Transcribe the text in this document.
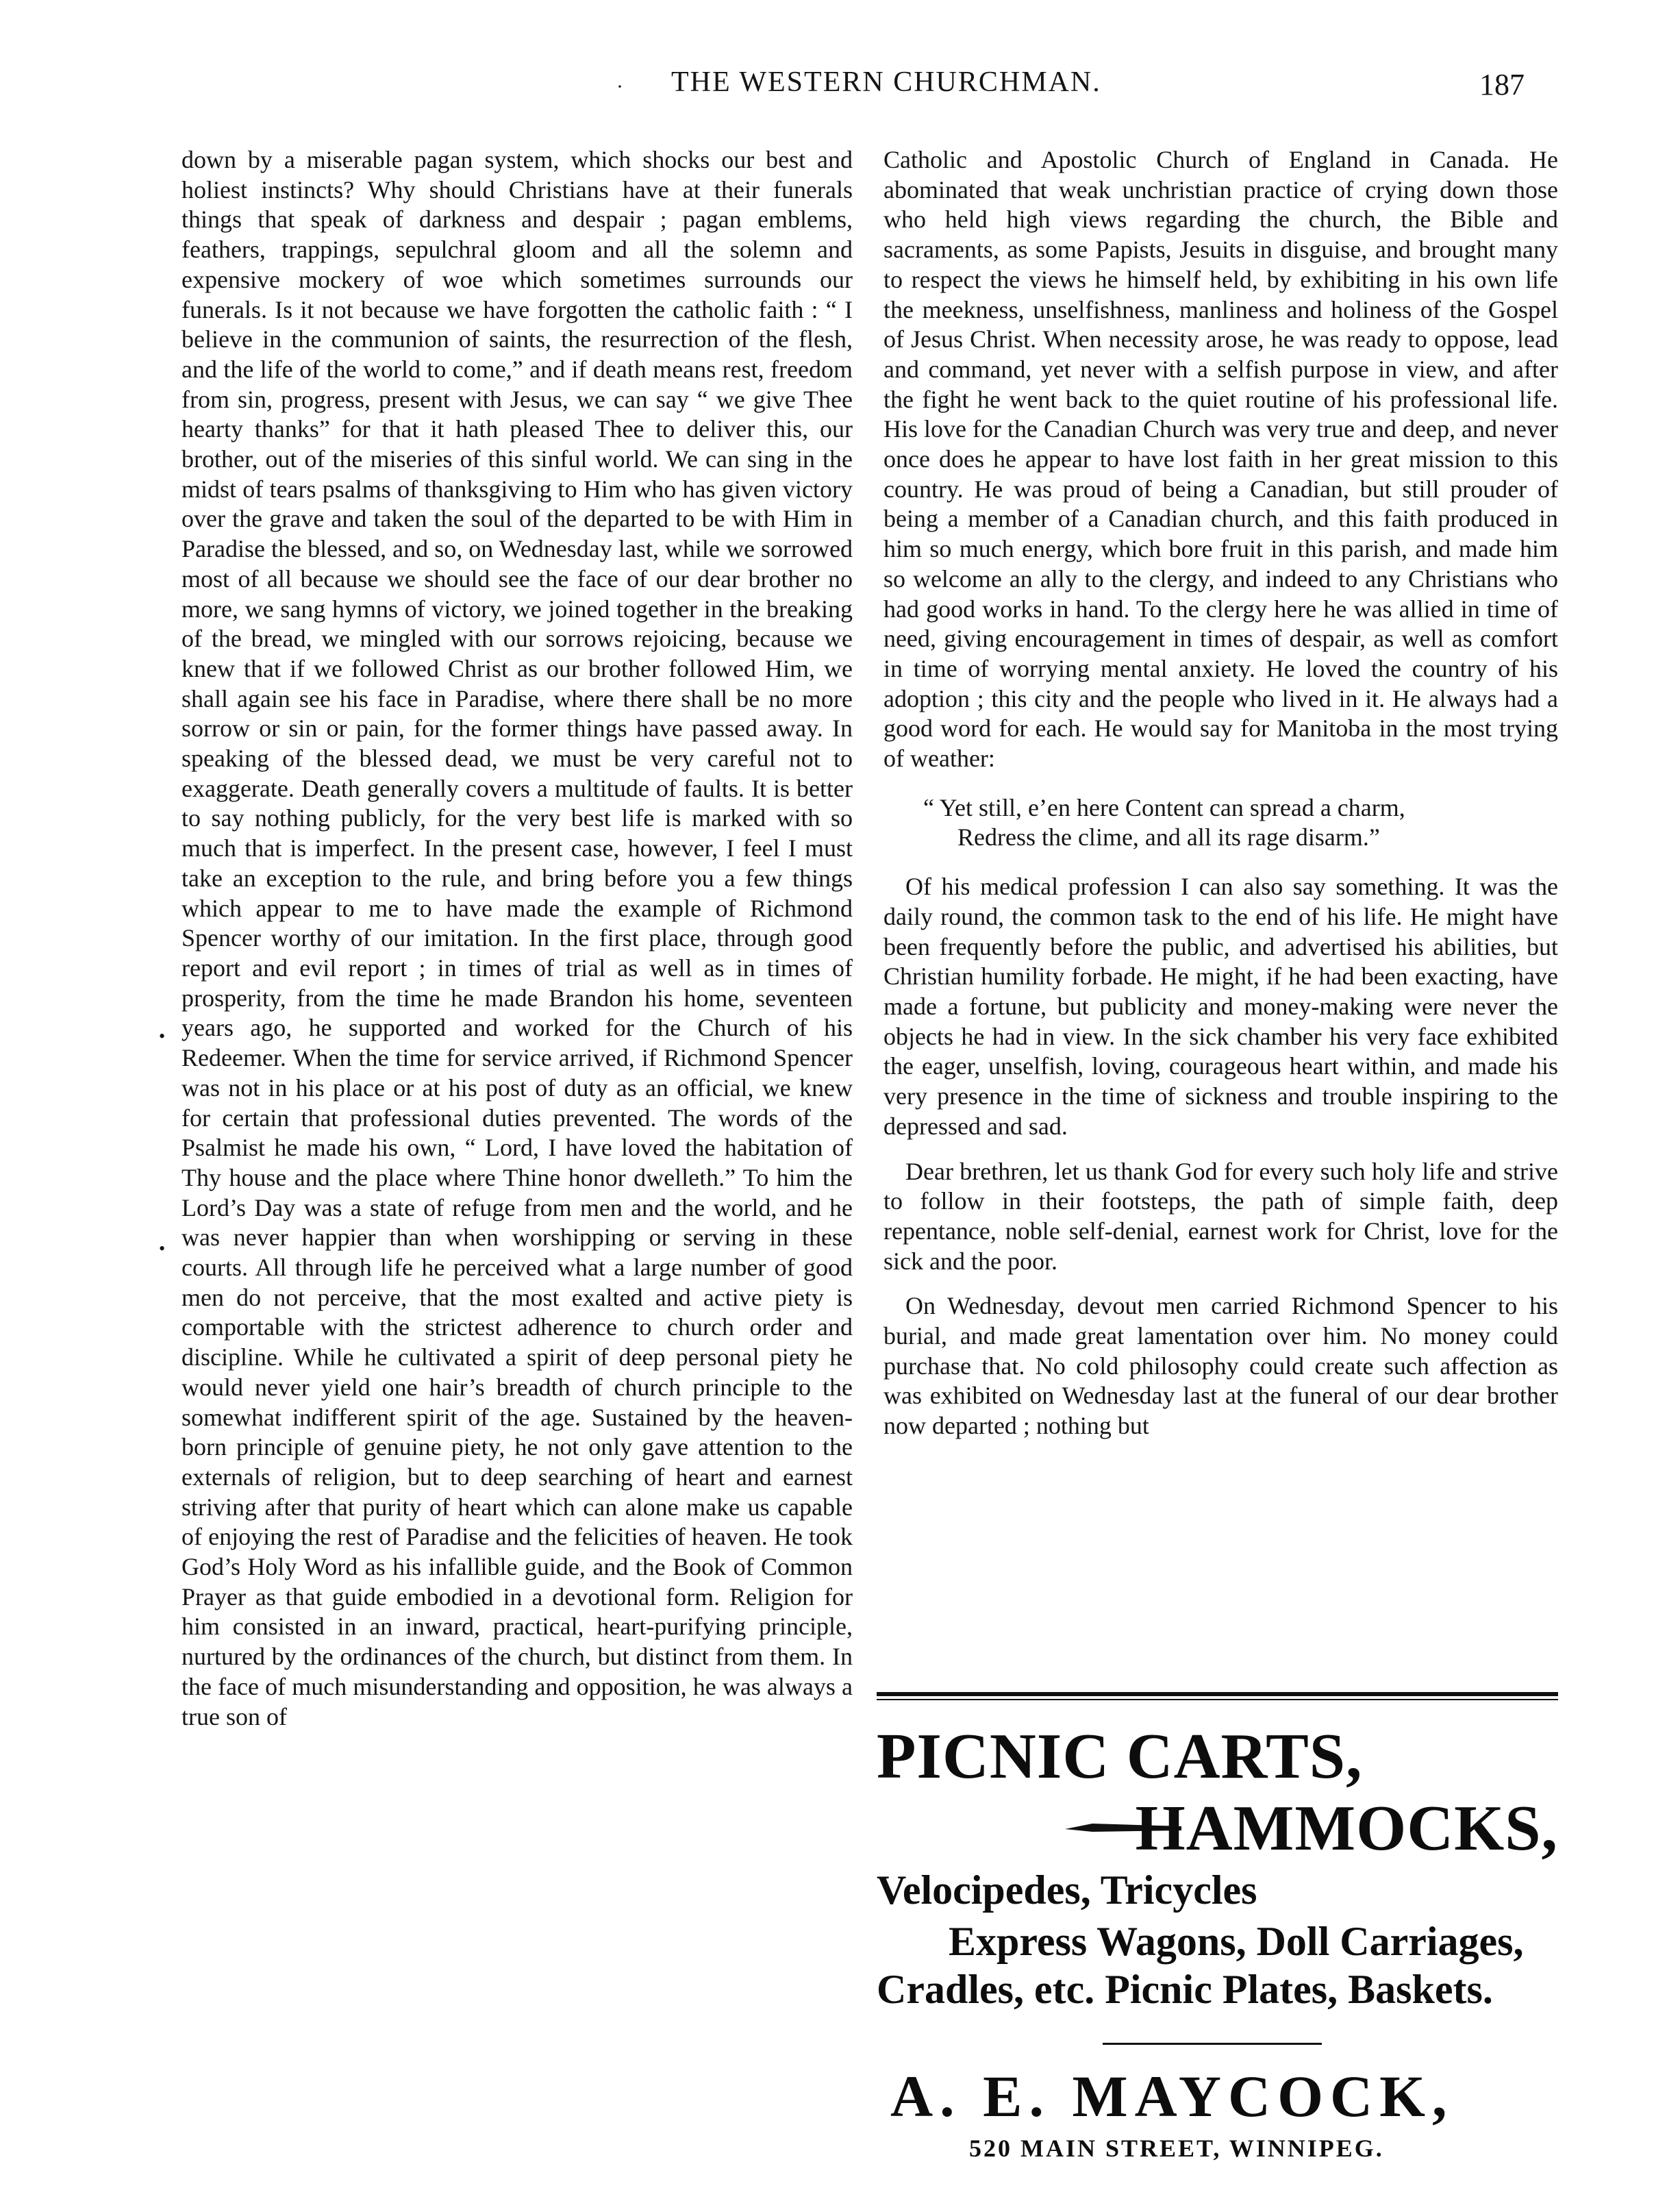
· THE WESTERN CHURCHMAN.	187
•
•

down by a miserable pagan system, which shocks our best and holiest instincts? Why should Christians have at their funerals things that speak of darkness and despair ; pagan emblems, feathers, trappings, sepulchral gloom and all the solemn and expensive mockery of woe which sometimes surrounds our funerals. Is it not because we have forgotten the catholic faith : “ I believe in the communion of saints, the resurrection of the flesh, and the life of the world to come,” and if death means rest, freedom from sin, progress, present with Jesus, we can say “ we give Thee hearty thanks” for that it hath pleased Thee to deliver this, our brother, out of the miseries of this sinful world. We can sing in the midst of tears psalms of thanksgiving to Him who has given victory over the grave and taken the soul of the departed to be with Him in Paradise the blessed, and so, on Wednesday last, while we sorrowed most of all because we should see the face of our dear brother no more, we sang hymns of victory, we joined together in the breaking of the bread, we mingled with our sorrows rejoicing, because we knew that if we followed Christ as our brother followed Him, we shall again see his face in Paradise, where there shall be no more sorrow or sin or pain, for the former things have passed away. In speaking of the blessed dead, we must be very careful not to exaggerate. Death generally covers a multitude of faults. It is better to say nothing publicly, for the very best life is marked with so much that is imperfect. In the present case, however, I feel I must take an exception to the rule, and bring before you a few things which appear to me to have made the example of Richmond Spencer worthy of our imitation. In the first place, through good report and evil report ; in times of trial as well as in times of prosperity, from the time he made Brandon his home, seventeen years ago, he supported and worked for the Church of his Redeemer. When the time for service arrived, if Richmond Spencer was not in his place or at his post of duty as an official, we knew for certain that professional duties prevented. The words of the Psalmist he made his own, “ Lord, I have loved the habitation of Thy house and the place where Thine honor dwelleth.” To him the Lord’s Day was a state of refuge from men and the world, and he was never happier than when worshipping or serving in these courts. All through life he perceived what a large number of good men do not perceive, that the most exalted and active piety is comportable with the strictest adherence to church order and discipline. While he cultivated a spirit of deep personal piety he would never yield one hair’s breadth of church principle to the somewhat indifferent spirit of the age. Sustained by the heaven-born principle of genuine piety, he not only gave attention to the externals of religion, but to deep searching of heart and earnest striving after that purity of heart which can alone make us capable of enjoying the rest of Paradise and the felicities of heaven. He took God’s Holy Word as his infallible guide, and the Book of Common Prayer as that guide embodied in a devotional form. Religion for him consisted in an inward, practical, heart-purifying principle, nurtured by the ordinances of the church, but distinct from them. In the face of much misunderstanding and opposition, he was always a true son of

Catholic and Apostolic Church of England in Canada. He abominated that weak unchristian practice of crying down those who held high views regarding the church, the Bible and sacraments, as some Papists, Jesuits in disguise, and brought many to respect the views he himself held, by exhibiting in his own life the meekness, unselfishness, manliness and holiness of the Gospel of Jesus Christ. When necessity arose, he was ready to oppose, lead and command, yet never with a selfish purpose in view, and after the fight he went back to the quiet routine of his professional life. His love for the Canadian Church was very true and deep, and never once does he appear to have lost faith in her great mission to this country. He was proud of being a Canadian, but still prouder of being a member of a Canadian church, and this faith produced in him so much energy, which bore fruit in this parish, and made him so welcome an ally to the clergy, and indeed to any Christians who had good works in hand. To the clergy here he was allied in time of need, giving encouragement in times of despair, as well as comfort in time of worrying mental anxiety. He loved the country of his adoption ; this city and the people who lived in it. He always had a good word for each. He would say for Manitoba in the most trying of weather:

“ Yet still, e’en here Content can spread a charm,
Redress the clime, and all its rage disarm.”

Of his medical profession I can also say something. It was the daily round, the common task to the end of his life. He might have been frequently before the public, and advertised his abilities, but Christian humility forbade. He might, if he had been exacting, have made a fortune, but publicity and money-making were never the objects he had in view. In the sick chamber his very face exhibited the eager, unselfish, loving, courageous heart within, and made his very presence in the time of sickness and trouble inspiring to the depressed and sad.

Dear brethren, let us thank God for every such holy life and strive to follow in their footsteps, the path of simple faith, deep repentance, noble self-denial, earnest work for Christ, love for the sick and the poor.

On Wednesday, devout men carried Richmond Spencer to his burial, and made great lamentation over him. No money could purchase that. No cold philosophy could create such affection as was exhibited on Wednesday last at the funeral of our dear brother now departed ; nothing but

PICNIC CARTS,
HAMMOCKS,
Velocipedes, Tricycles
Express Wagons, Doll Carriages,
Cradles, etc. Picnic Plates, Baskets.
A. E. MAYCOCK,
520 MAIN STREET, WINNIPEG.
